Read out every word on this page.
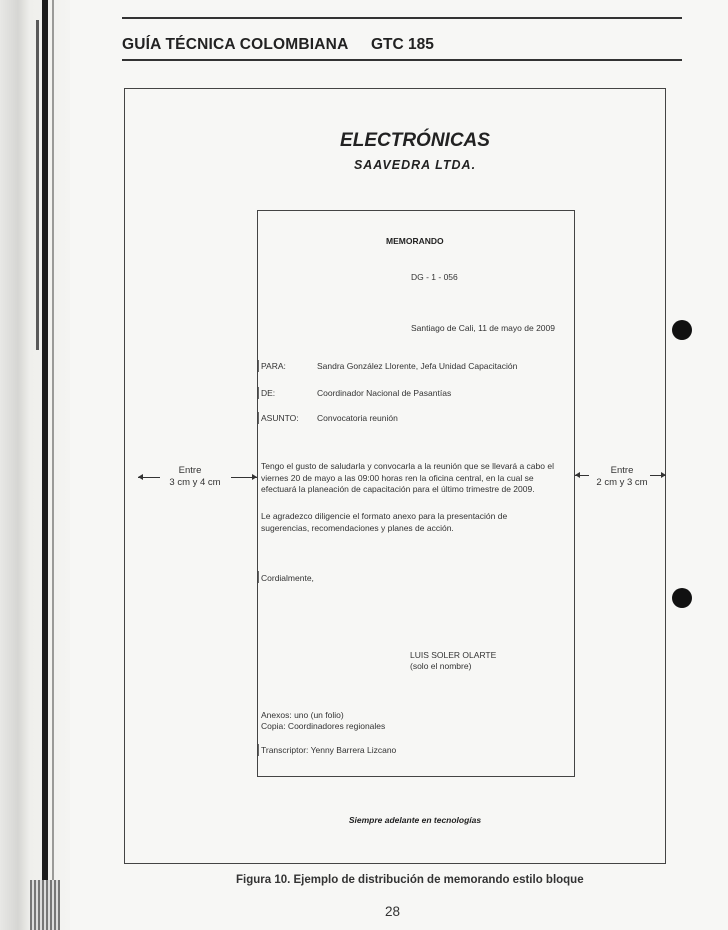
GUÍA TÉCNICA COLOMBIANA GTC 185
ELECTRÓNICAS
SAAVEDRA LTDA.
MEMORANDO
DG - 1 - 056
Santiago de Cali, 11 de mayo de 2009
PARA:	Sandra González Llorente, Jefa Unidad Capacitación
DE:	Coordinador Nacional de Pasantías
ASUNTO: Convocatoria reunión
Tengo el gusto de saludarla y convocarla a la reunión que se llevará a cabo el
viernes 20 de mayo a las 09:00 horas ren la oficina central, en la cual se
efectuará la planeación de capacitación para el último trimestre de 2009.
Le agradezco diligencie el formato anexo para la presentación de
sugerencias, recomendaciones y planes de acción.
Cordialmente,
LUIS SOLER OLARTE
(solo el nombre)
Anexos: uno (un folio)
Copia: Coordinadores regionales
Transcriptor: Yenny Barrera Lizcano
Siempre adelante en tecnologías
Entre
3 cm y 4 cm
Entre
2 cm y 3 cm
Figura 10. Ejemplo de distribución de memorando estilo bloque
28
